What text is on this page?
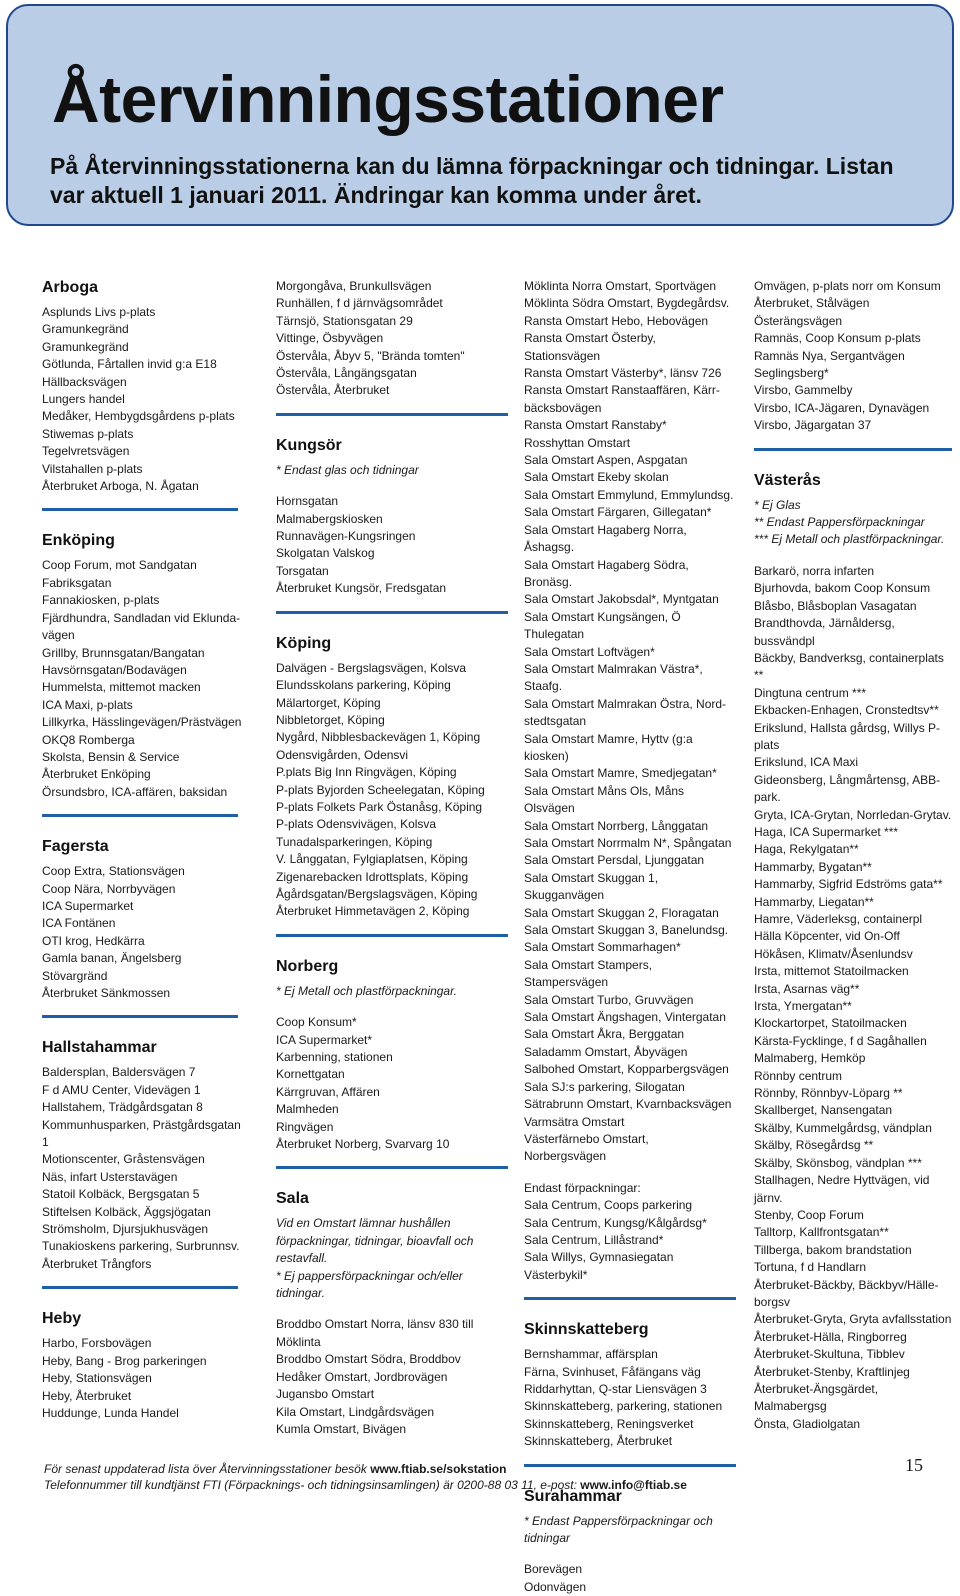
Återvinningsstationer

På Återvinningsstationerna kan du lämna förpackningar och tidningar. Listan var aktuell 1 januari 2011. Ändringar kan komma under året.

Arboga
Asplunds Livs p-plats
Gramunkegränd
Gramunkegränd
Götlunda, Fårtallen invid g:a E18
Hällbacksvägen
Lungers handel
Medåker, Hembygdsgårdens p-plats
Stiwemas p-plats
Tegelvretsvägen
Vilstahallen p-plats
Återbruket Arboga, N. Ågatan
Enköping
Coop Forum, mot Sandgatan
Fabriksgatan
Fannakiosken, p-plats
Fjärdhundra, Sandladan vid Eklunda-
vägen
Grillby, Brunnsgatan/Bangatan
Havsörnsgatan/Bodavägen
Hummelsta, mittemot macken
ICA Maxi, p-plats
Lillkyrka, Hässlingevägen/Prästvägen
OKQ8 Romberga
Skolsta, Bensin & Service
Återbruket Enköping
Örsundsbro, ICA-affären, baksidan
Fagersta
Coop Extra, Stationsvägen
Coop Nära, Norrbyvägen
ICA Supermarket
ICA Fontänen
OTI krog, Hedkärra
Gamla banan, Ängelsberg
Stövargränd
Återbruket Sänkmossen
Hallstahammar
Baldersplan, Baldersvägen 7
F d AMU Center, Videvägen 1
Hallstahem, Trädgårdsgatan 8
Kommunhusparken, Prästgårdsgatan 1
Motionscenter, Gråstensvägen
Näs, infart Usterstavägen
Statoil Kolbäck, Bergsgatan 5
Stiftelsen Kolbäck, Äggsjögatan
Strömsholm, Djursjukhusvägen
Tunakioskens parkering, Surbrunnsv.
Återbruket Trångfors
Heby
Harbo, Forsbovägen
Heby, Bang - Brog parkeringen
Heby, Stationsvägen
Heby, Återbruket
Huddunge, Lunda Handel
Morgongåva, Brunkullsvägen
Runhällen, f d järnvägsområdet
Tärnsjö, Stationsgatan 29
Vittinge, Ösbyvägen
Östervåla, Åbyv 5, "Brända tomten"
Östervåla, Långängsgatan
Östervåla, Återbruket
Kungsör
* Endast glas och tidningar
Hornsgatan
Malmabergskiosken
Runnavägen-Kungsringen
Skolgatan Valskog
Torsgatan
Återbruket Kungsör, Fredsgatan
Köping
Dalvägen - Bergslagsvägen, Kolsva
Elundsskolans parkering, Köping
Mälartorget, Köping
Nibbletorget, Köping
Nygård, Nibblesbackevägen 1, Köping
Odensvigården, Odensvi
P.plats Big Inn Ringvägen, Köping
P-plats Byjorden Scheelegatan, Köping
P-plats Folkets Park Östanåsg, Köping
P-plats Odensvivägen, Kolsva
Tunadalsparkeringen, Köping
V. Långgatan, Fylgiaplatsen, Köping
Zigenarebacken Idrottsplats, Köping
Ågårdsgatan/Bergslagsvägen, Köping
Återbruket Himmetavägen 2, Köping
Norberg
* Ej Metall och plastförpackningar.
Coop Konsum*
ICA Supermarket*
Karbenning, stationen
Kornettgatan
Kärrgruvan, Affären
Malmheden
Ringvägen
Återbruket Norberg, Svarvarg 10
Sala
Vid en Omstart lämnar hushållen förpackningar, tidningar, bioavfall och restavfall.
* Ej pappersförpackningar och/eller tidningar.
Broddbo Omstart Norra, länsv 830 till
Möklinta
Broddbo Omstart Södra, Broddbov
Hedåker Omstart, Jordbrovägen
Jugansbo Omstart
Kila Omstart, Lindgårdsvägen
Kumla Omstart, Bivägen
Möklinta Norra Omstart, Sportvägen
Möklinta Södra Omstart, Bygdegårdsv.
Ransta Omstart Hebo, Hebovägen
Ransta Omstart Österby, Stationsvägen
Ransta Omstart Västerby*, länsv 726
Ransta Omstart Ranstaaffären, Kärr-
bäcksbovägen
Ransta Omstart Ranstaby*
Rosshyttan Omstart
Sala Omstart Aspen, Aspgatan
Sala Omstart Ekeby skolan
Sala Omstart Emmylund, Emmylundsg.
Sala Omstart Färgaren, Gillegatan*
Sala Omstart Hagaberg Norra, Åshagsg.
Sala Omstart Hagaberg Södra, Bronäsg.
Sala Omstart Jakobsdal*, Myntgatan
Sala Omstart Kungsängen, Ö Thulegatan
Sala Omstart Loftvägen*
Sala Omstart Malmrakan Västra*, Staafg.
Sala Omstart Malmrakan Östra, Nord-
stedtsgatan
Sala Omstart Mamre, Hyttv (g:a kiosken)
Sala Omstart Mamre, Smedjegatan*
Sala Omstart Måns Ols, Måns Olsvägen
Sala Omstart Norrberg, Långgatan
Sala Omstart Norrmalm N*, Spångatan
Sala Omstart Persdal, Ljunggatan
Sala Omstart Skuggan 1, Skugganvägen
Sala Omstart Skuggan 2, Floragatan
Sala Omstart Skuggan 3, Banelundsg.
Sala Omstart Sommarhagen*
Sala Omstart Stampers, Stampersvägen
Sala Omstart Turbo, Gruvvägen
Sala Omstart Ängshagen, Vintergatan
Sala Omstart Åkra, Berggatan
Saladamm Omstart, Åbyvägen
Salbohed Omstart, Kopparbergsvägen
Sala SJ:s parkering, Silogatan
Sätrabrunn Omstart, Kvarnbacksvägen
Varmsätra Omstart
Västerfärnebo Omstart, Norbergsvägen
Endast förpackningar:
Sala Centrum, Coops parkering
Sala Centrum, Kungsg/Kålgårdsg*
Sala Centrum, Lillåstrand*
Sala Willys, Gymnasiegatan
Västerbykil*
Skinnskatteberg
Bernshammar, affärsplan
Färna, Svinhuset, Fåfängans väg
Riddarhyttan, Q-star Liensvägen 3
Skinnskatteberg, parkering, stationen
Skinnskatteberg, Reningsverket
Skinnskatteberg, Återbruket
Surahammar
* Endast Pappersförpackningar och tidningar
Borevägen
Odonvägen
Omvägen, p-plats norr om Konsum
Återbruket, Stålvägen
Österängsvägen
Ramnäs, Coop Konsum p-plats
Ramnäs Nya, Sergantvägen
Seglingsberg*
Virsbo, Gammelby
Virsbo, ICA-Jägaren, Dynavägen
Virsbo, Jägargatan 37
Västerås
* Ej Glas
** Endast Pappersförpackningar
*** Ej Metall och plastförpackningar.
Barkarö, norra infarten
Bjurhovda, bakom Coop Konsum
Blåsbo, Blåsboplan Vasagatan
Brandthovda, Järnåldersg, bussvändpl
Bäckby, Bandverksg, containerplats **
Dingtuna centrum ***
Ekbacken-Enhagen, Cronstedtsv**
Erikslund, Hallsta gårdsg, Willys P-plats
Erikslund, ICA Maxi
Gideonsberg, Långmårtensg, ABB-park.
Gryta, ICA-Grytan, Norrledan-Grytav.
Haga, ICA Supermarket ***
Haga, Rekylgatan**
Hammarby, Bygatan**
Hammarby, Sigfrid Edströms gata**
Hammarby, Liegatan**
Hamre, Väderleksg, containerpl
Hälla Köpcenter, vid On-Off
Hökåsen, Klimatv/Åsenlundsv
Irsta, mittemot Statoilmacken
Irsta, Asarnas väg**
Irsta, Ymergatan**
Klockartorpet, Statoilmacken
Kärsta-Fycklinge, f d Sagåhallen
Malmaberg, Hemköp
Rönnby centrum
Rönnby, Rönnbyv-Löparg **
Skallberget, Nansengatan
Skälby, Kummelgårdsg, vändplan
Skälby, Rösegårdsg **
Skälby, Skönsbog, vändplan ***
Stallhagen, Nedre Hyttvägen, vid järnv.
Stenby, Coop Forum
Talltorp, Kallfrontsgatan**
Tillberga, bakom brandstation
Tortuna, f d Handlarn
Återbruket-Bäckby, Bäckbyv/Hälle-borgsv
Återbruket-Gryta, Gryta avfallsstation
Återbruket-Hälla, Ringborreg
Återbruket-Skultuna, Tibblev
Återbruket-Stenby, Kraftlinjeg
Återbruket-Ängsgärdet, Malmabergsg
Önsta, Gladiolgatan
För senast uppdaterad lista över Återvinningsstationer besök www.ftiab.se/sokstation
Telefonnummer till kundtjänst FTI (Förpacknings- och tidningsinsamlingen) är 0200-88 03 11, e-post: www.info@ftiab.se
15
